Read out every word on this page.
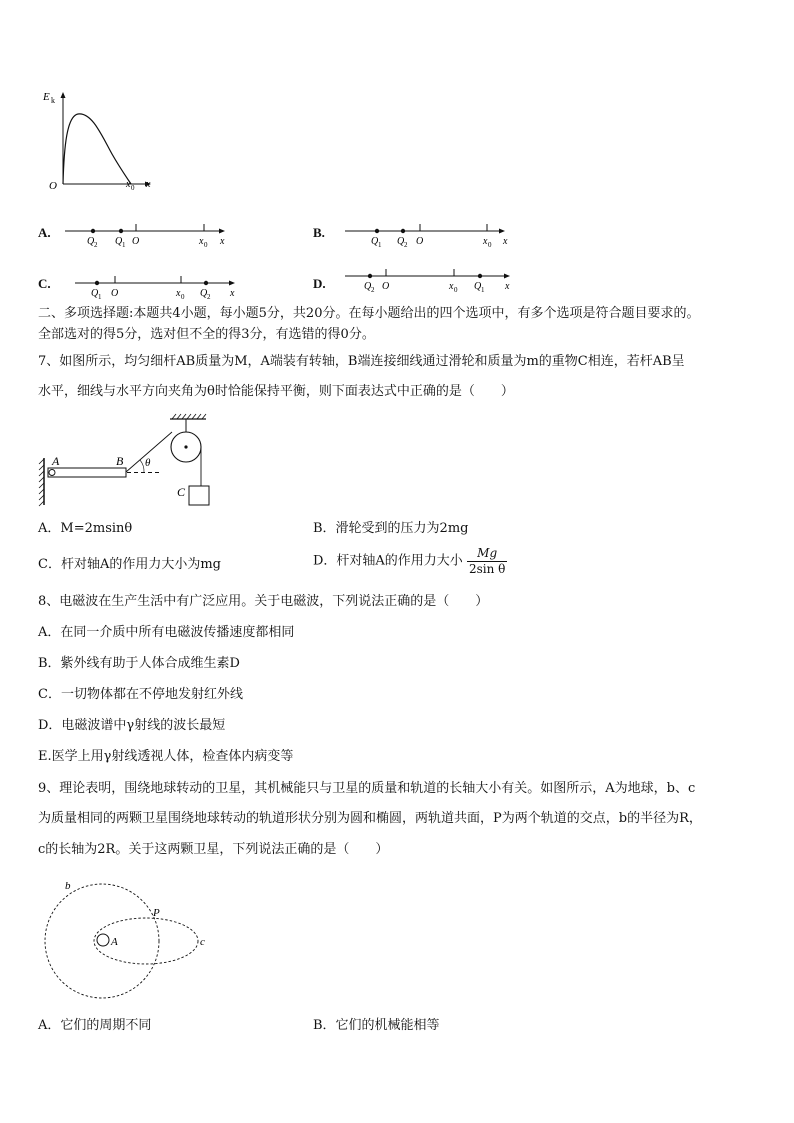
E k
O	x 0 x
A.
Q 2 Q 1 O	x 0 x
B.
Q 1 Q 2 O	x 0 x
C.
Q 1 O	x 0 Q 2 x
D.	Q 2 O	x 0 Q 1 x
二、多项选择题:本题共4小题，每小题5分，共20分。在每小题给出的四个选项中，有多个选项是符合题目要求的。
全部选对的得5分，选对但不全的得3分，有选错的得0分。
7、如图所示，均匀细杆AB质量为M，A端装有转轴，B端连接细线通过滑轮和质量为m的重物C相连，若杆AB呈
水平，细线与水平方向夹角为θ时恰能保持平衡，则下面表达式中正确的是（　　）
A	B θ
C
A．M=2msinθ	B．滑轮受到的压力为2mg
C．杆对轴A的作用力大小为mg	D．杆对轴A的作用力大小 $\frac{Mg}{\text{2sin θ}}$
8、电磁波在生产生活中有广泛应用。关于电磁波，下列说法正确的是（　　）
A．在同一介质中所有电磁波传播速度都相同
B．紫外线有助于人体合成维生素D
C．一切物体都在不停地发射红外线
D．电磁波谱中γ射线的波长最短
E.医学上用γ射线透视人体，检查体内病变等
9、理论表明，围绕地球转动的卫星，其机械能只与卫星的质量和轨道的长轴大小有关。如图所示，A为地球，b、c
为质量相同的两颗卫星围绕地球转动的轨道形状分别为圆和椭圆，两轨道共面，P为两个轨道的交点，b的半径为R，
c的长轴为2R。关于这两颗卫星，下列说法正确的是（　　）
b
P
A	c
A．它们的周期不同	B．它们的机械能相等
